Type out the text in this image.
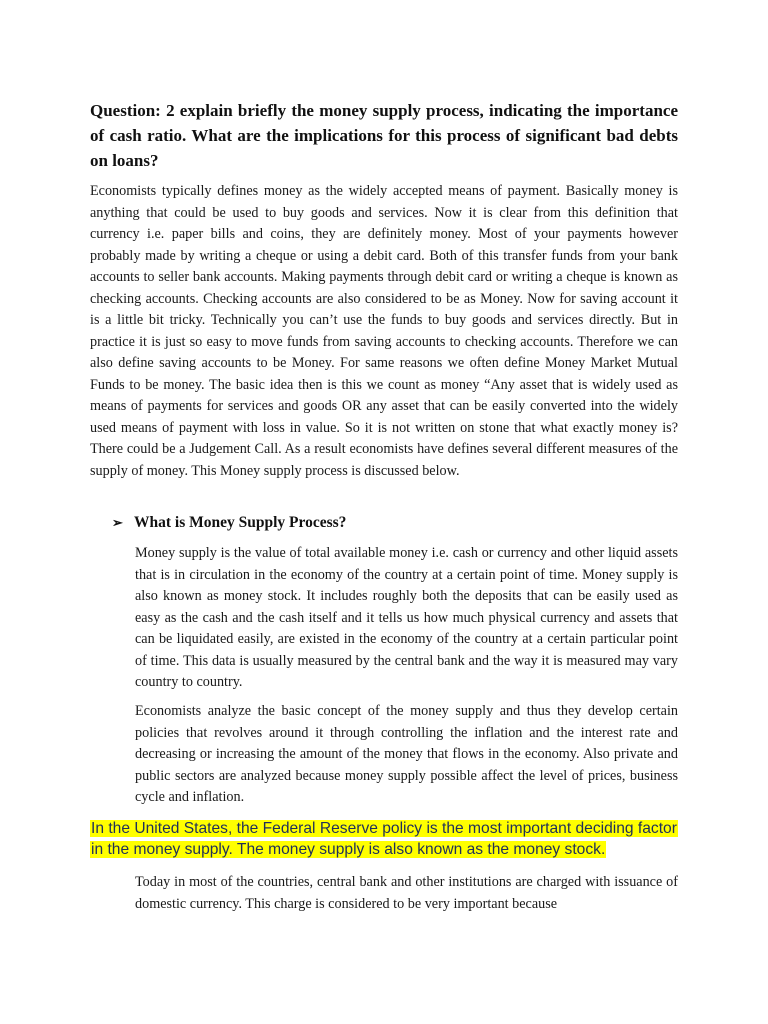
Question: 2 explain briefly the money supply process, indicating the importance of cash ratio. What are the implications for this process of significant bad debts on loans?

Economists typically defines money as the widely accepted means of payment. Basically money is anything that could be used to buy goods and services. Now it is clear from this definition that currency i.e. paper bills and coins, they are definitely money. Most of your payments however probably made by writing a cheque or using a debit card. Both of this transfer funds from your bank accounts to seller bank accounts. Making payments through debit card or writing a cheque is known as checking accounts. Checking accounts are also considered to be as Money. Now for saving account it is a little bit tricky. Technically you can’t use the funds to buy goods and services directly. But in practice it is just so easy to move funds from saving accounts to checking accounts. Therefore we can also define saving accounts to be Money. For same reasons we often define Money Market Mutual Funds to be money. The basic idea then is this we count as money “Any asset that is widely used as means of payments for services and goods OR any asset that can be easily converted into the widely used means of payment with loss in value. So it is not written on stone that what exactly money is? There could be a Judgement Call. As a result economists have defines several different measures of the supply of money. This Money supply process is discussed below.

➢ What is Money Supply Process?

Money supply is the value of total available money i.e. cash or currency and other liquid assets that is in circulation in the economy of the country at a certain point of time. Money supply is also known as money stock. It includes roughly both the deposits that can be easily used as easy as the cash and the cash itself and it tells us how much physical currency and assets that can be liquidated easily, are existed in the economy of the country at a certain particular point of time. This data is usually measured by the central bank and the way it is measured may vary country to country.

Economists analyze the basic concept of the money supply and thus they develop certain policies that revolves around it through controlling the inflation and the interest rate and decreasing or increasing the amount of the money that flows in the economy. Also private and public sectors are analyzed because money supply possible affect the level of prices, business cycle and inflation.

In the United States, the Federal Reserve policy is the most important deciding factor in the money supply. The money supply is also known as the money stock.

Today in most of the countries, central bank and other institutions are charged with issuance of domestic currency. This charge is considered to be very important because
